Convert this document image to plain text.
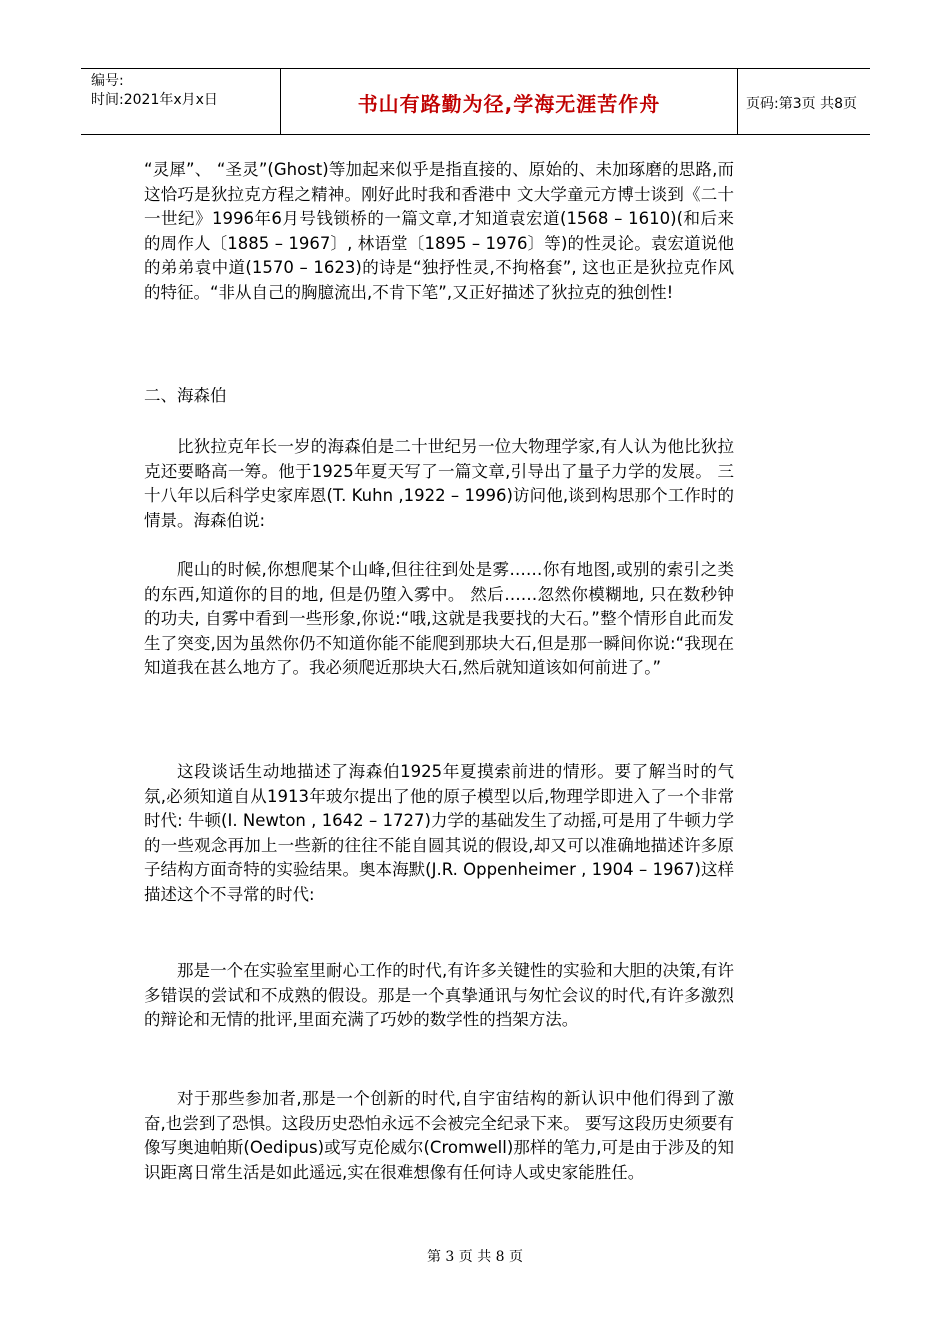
编号:
时间:2021年x月x日	书山有路勤为径,学海无涯苦作舟	页码:第3页 共8页
“灵犀”、 “圣灵”(Ghost)等加起来似乎是指直接的、原始的、未加琢磨的思路,而这恰巧是狄拉克方程之精神。刚好此时我和香港中 文大学童元方博士谈到《二十一世纪》1996年6月号钱锁桥的一篇文章,才知道袁宏道(1568 – 1610)(和后来的周作人〔1885 – 1967〕, 林语堂〔1895 – 1976〕等)的性灵论。袁宏道说他的弟弟袁中道(1570 – 1623)的诗是“独抒性灵,不拘格套”, 这也正是狄拉克作风的特征。“非从自己的胸臆流出,不肯下笔”,又正好描述了狄拉克的独创性!
二、海森伯
比狄拉克年长一岁的海森伯是二十世纪另一位大物理学家,有人认为他比狄拉克还要略高一筹。他于1925年夏天写了一篇文章,引导出了量子力学的发展。 三十八年以后科学史家库恩(T. Kuhn ,1922 – 1996)访问他,谈到构思那个工作时的情景。海森伯说:
爬山的时候,你想爬某个山峰,但往往到处是雾……你有地图,或别的索引之类的东西,知道你的目的地, 但是仍堕入雾中。 然后……忽然你模糊地, 只在数秒钟的功夫, 自雾中看到一些形象,你说:“哦,这就是我要找的大石。”整个情形自此而发生了突变,因为虽然你仍不知道你能不能爬到那块大石,但是那一瞬间你说:“我现在知道我在甚么地方了。我必须爬近那块大石,然后就知道该如何前进了。”
这段谈话生动地描述了海森伯1925年夏摸索前进的情形。要了解当时的气氛,必须知道自从1913年玻尔提出了他的原子模型以后,物理学即进入了一个非常时代: 牛顿(I. Newton , 1642 – 1727)力学的基础发生了动摇,可是用了牛顿力学的一些观念再加上一些新的往往不能自圆其说的假设,却又可以准确地描述许多原子结构方面奇特的实验结果。奥本海默(J.R. Oppenheimer , 1904 – 1967)这样描述这个不寻常的时代:
那是一个在实验室里耐心工作的时代,有许多关键性的实验和大胆的决策,有许多错误的尝试和不成熟的假设。那是一个真挚通讯与匆忙会议的时代,有许多激烈的辩论和无情的批评,里面充满了巧妙的数学性的挡架方法。
对于那些参加者,那是一个创新的时代,自宇宙结构的新认识中他们得到了激奋,也尝到了恐惧。这段历史恐怕永远不会被完全纪录下来。 要写这段历史须要有像写奥迪帕斯(Oedipus)或写克伦威尔(Cromwell)那样的笔力,可是由于涉及的知识距离日常生活是如此遥远,实在很难想像有任何诗人或史家能胜任。
第 3 页 共 8 页
